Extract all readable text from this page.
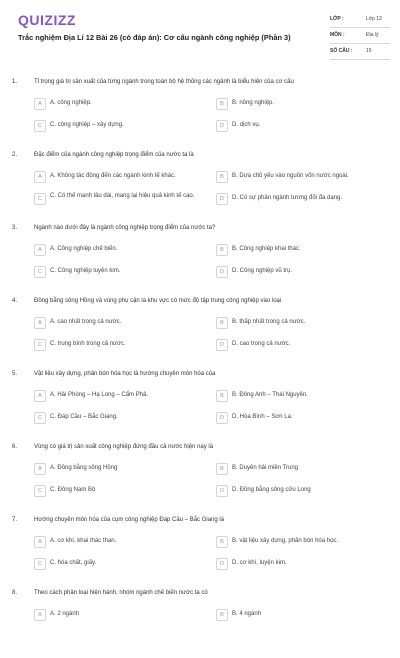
QUIZIZZ
Trắc nghiệm Địa Lí 12 Bài 26 (có đáp án): Cơ cấu ngành công nghiệp (Phần 3)
LỚP :	Lớp 12
MÔN :	Địa lý
SỐ CÂU :	15
1.	Tỉ trọng giá trị sản xuất của từng ngành trong toàn bộ hệ thống các ngành là biểu hiện của cơ cấu
A	A. công nghiệp.	B	B. nông nghiệp.
C	C. công nghiệp – xây dựng.	D	D. dịch vụ.
2.	Đặc điểm của ngành công nghiệp trọng điểm của nước ta là
A	A. Không tác động đến các ngành kinh tế khác.	B	B. Dựa chủ yếu vào nguồn vốn nước ngoài.
C	C. Có thế mạnh lâu dài, mang lại hiệu quả kinh tế cao.	D	D. Có sự phân ngành tương đối đa dạng.
3.	Ngành nào dưới đây là ngành công nghiệp trọng điểm của nước ta?
A	A. Công nghiệp chế biến.	B	B. Công nghiệp khai thác.
C	C. Công nghiệp luyện kim.	D	D. Công nghiệp vũ trụ.
4.	Đồng bằng sông Hồng và vùng phụ cận là khu vực có mức độ tập trung công nghiệp vào loại
A	A. cao nhất trong cả nước.	B	B. thấp nhất trong cả nước.
C	C. trung bình trong cả nước.	D	D. cao trong cả nước.
5.	Vật liệu xây dựng, phân bón hóa học là hướng chuyên môn hóa của
A	A. Hải Phòng – Hạ Long – Cẩm Phả.	B	B. Đông Anh – Thái Nguyên.
C	C. Đáp Cầu – Bắc Giang.	D	D. Hòa Bình – Sơn La.
6.	Vùng có giá trị sản xuất công nghiệp đứng đầu cả nước hiện nay là
A	A. Đồng bằng sông Hồng	B	B. Duyên hải miền Trung
C	C. Đông Nam Bộ	D	D. Đồng bằng sông cửu Long
7.	Hướng chuyên môn hóa của cụm công nghiệp Đáp Cầu – Bắc Giang là
A	A. cơ khí, khai thác than.	B	B. vật liệu xây dựng, phân bón hóa học.
C	C. hóa chất, giấy.	D	D. cơ khí, luyện kim.
8.	Theo cách phân loại hiện hành, nhóm ngành chế biến nước ta có
A	A. 2 ngành	B	B. 4 ngành
